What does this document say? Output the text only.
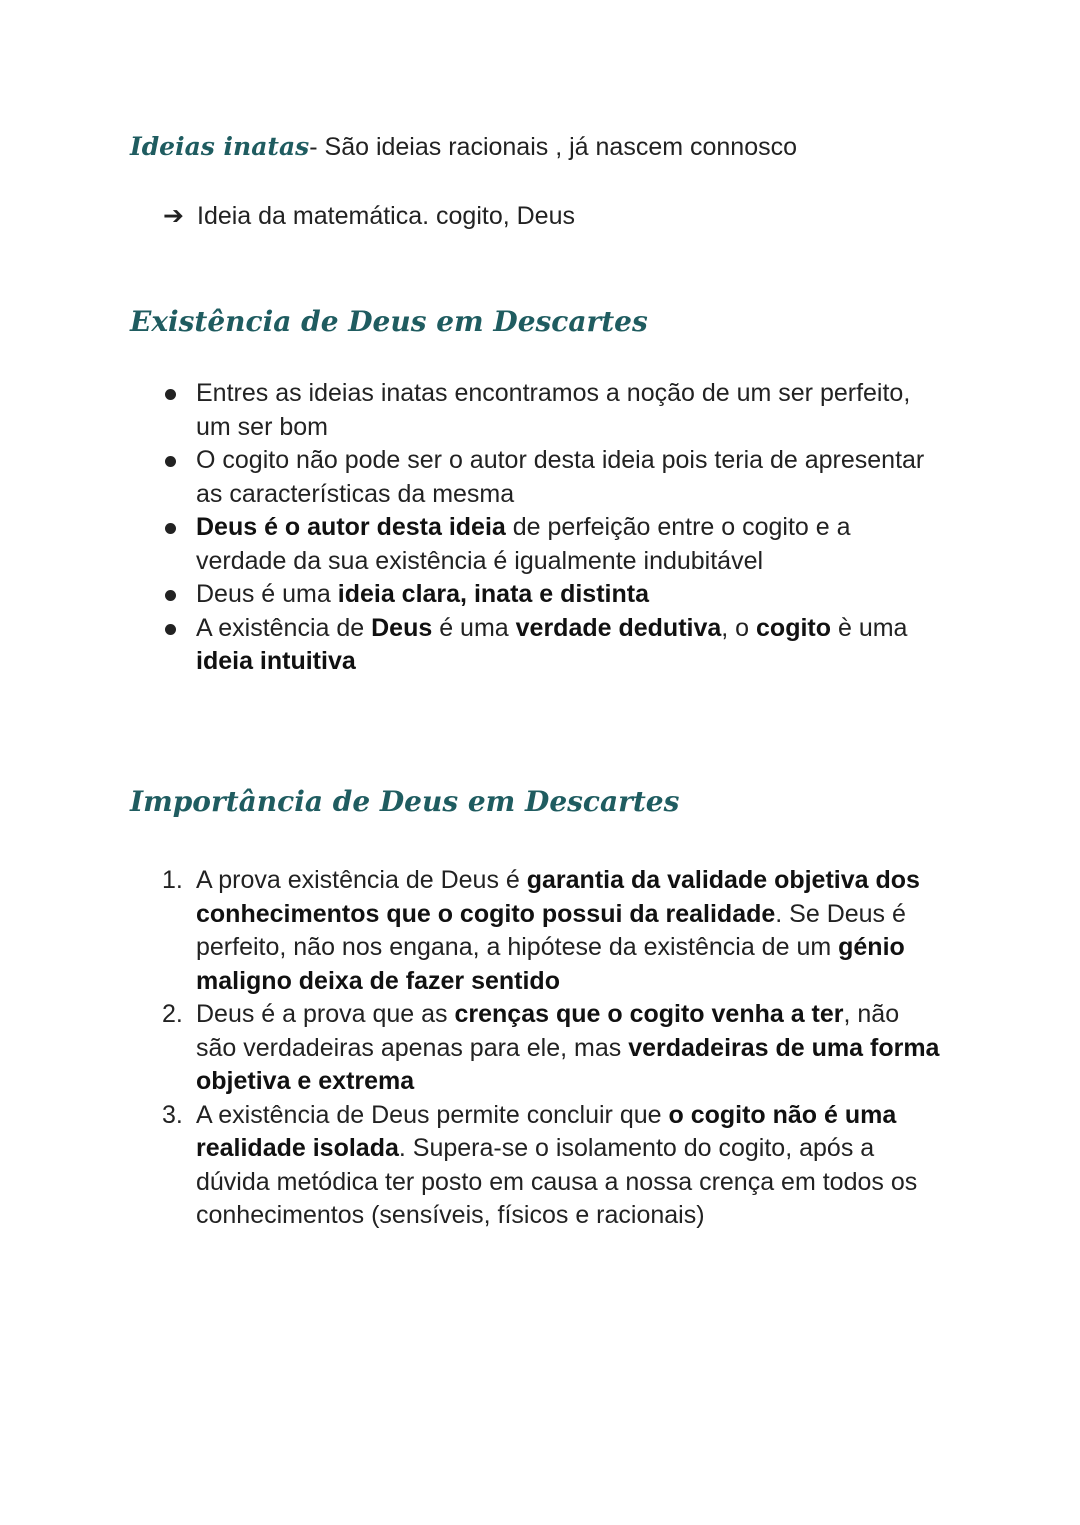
Ideias inatas- São ideias racionais , já nascem connosco
➔ Ideia da matemática. cogito, Deus
Existência de Deus em Descartes
Entres as ideias inatas encontramos a noção de um ser perfeito, um ser bom
O cogito não pode ser o autor desta ideia pois teria de apresentar as características da mesma
Deus é o autor desta ideia de perfeição entre o cogito e a verdade da sua existência é igualmente indubitável
Deus é uma ideia clara, inata e distinta
A existência de Deus é uma verdade dedutiva, o cogito è uma ideia intuitiva
Importância de Deus em Descartes
1. A prova existência de Deus é garantia da validade objetiva dos conhecimentos que o cogito possui da realidade. Se Deus é perfeito, não nos engana, a hipótese da existência de um génio maligno deixa de fazer sentido
2. Deus é a prova que as crenças que o cogito venha a ter, não são verdadeiras apenas para ele, mas verdadeiras de uma forma objetiva e extrema
3. A existência de Deus permite concluir que o cogito não é uma realidade isolada. Supera-se o isolamento do cogito, após a dúvida metódica ter posto em causa a nossa crença em todos os conhecimentos (sensíveis, físicos e racionais)
